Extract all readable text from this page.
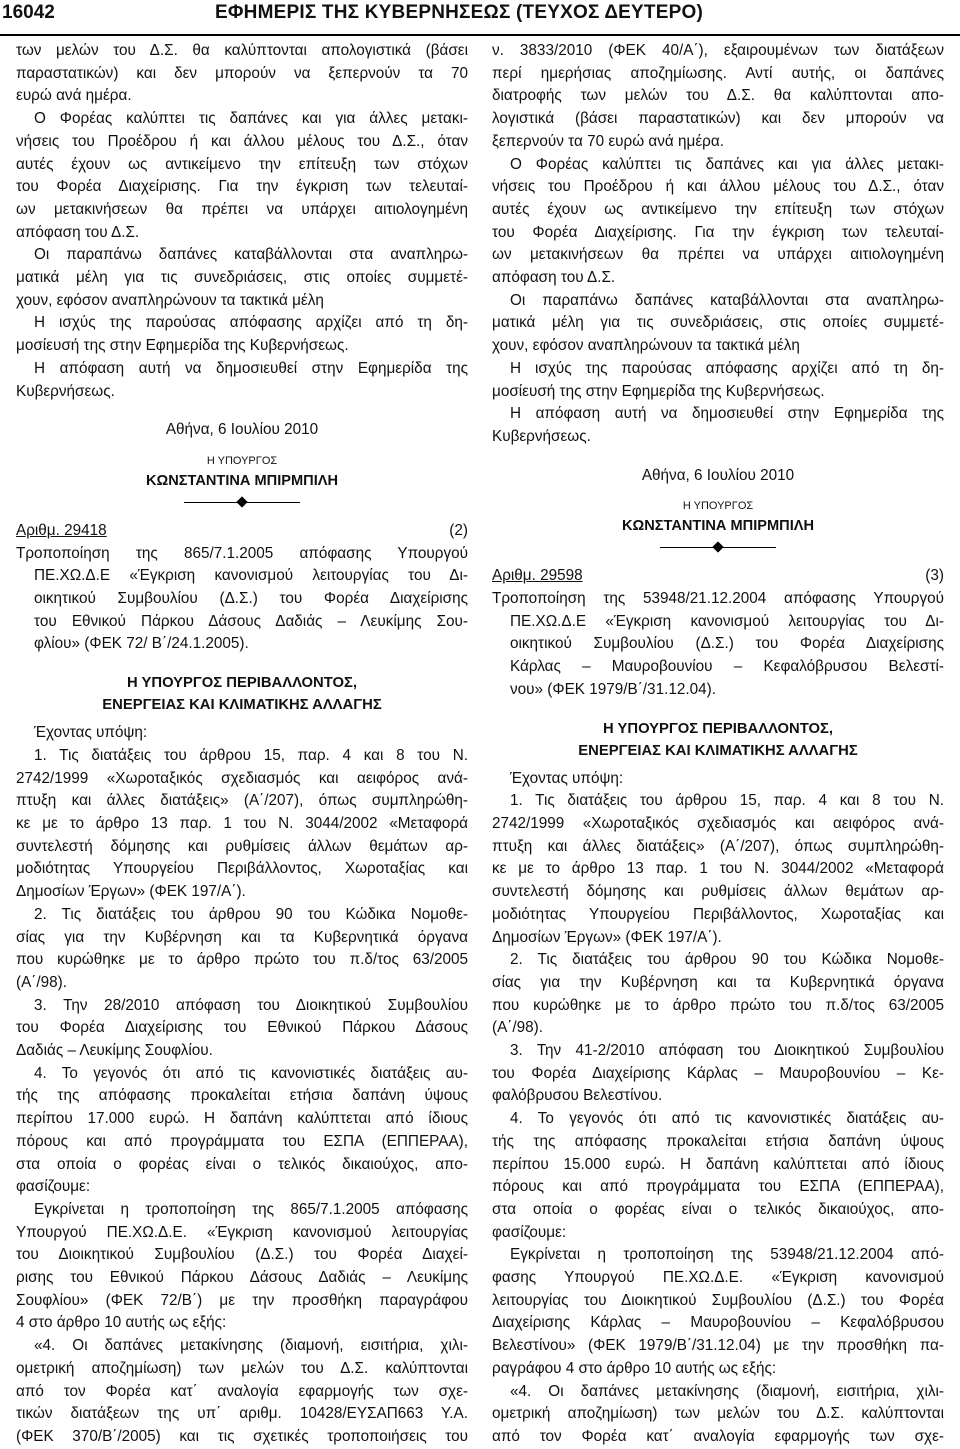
16042	ΕΦΗΜΕΡΙΣ ΤΗΣ ΚΥΒΕΡΝΗΣΕΩΣ (ΤΕΥΧΟΣ ΔΕΥΤΕΡΟ)

των μελών του Δ.Σ. θα καλύπτονται απολογιστικά (βάσει

παραστατικών) και δεν μπορούν να ξεπερνούν τα 70

ευρώ ανά ημέρα.

Ο Φορέας καλύπτει τις δαπάνες και για άλλες μετακι-

νήσεις του Προέδρου ή και άλλου μέλους του Δ.Σ., όταν

αυτές έχουν ως αντικείμενο την επίτευξη των στόχων

του Φορέα Διαχείρισης. Για την έγκριση των τελευταί-

ων μετακινήσεων θα πρέπει να υπάρχει αιτιολογημένη

απόφαση του Δ.Σ.

Οι παραπάνω δαπάνες καταβάλλονται στα αναπληρω-

ματικά μέλη για τις συνεδριάσεις, στις οποίες συμμετέ-

χουν, εφόσον αναπληρώνουν τα τακτικά μέλη

Η ισχύς της παρούσας απόφασης αρχίζει από τη δη-

μοσίευσή της στην Εφημερίδα της Κυβερνήσεως.

Η απόφαση αυτή να δημοσιευθεί στην Εφημερίδα της

Κυβερνήσεως.

Αθήνα, 6 Ιουλίου 2010

Η ΥΠΟΥΡΓΟΣ

ΚΩΝΣΤΑΝΤΙΝΑ ΜΠΙΡΜΠΙΛΗ

Αριθμ. 29418	(2)

Τροποποίηση της 865/7.1.2005 απόφασης Υπουργού

ΠΕ.ΧΩ.Δ.Ε «Έγκριση κανονισμού λειτουργίας του Δι-

οικητικού Συμβουλίου (Δ.Σ.) του Φορέα Διαχείρισης

του Εθνικού Πάρκου Δάσους Δαδιάς – Λευκίμης Σου-

φλίου» (ΦΕΚ 72/ Β΄/24.1.2005).

Η ΥΠΟΥΡΓΟΣ ΠΕΡΙΒΑΛΛΟΝΤΟΣ,

ΕΝΕΡΓΕΙΑΣ ΚΑΙ ΚΛΙΜΑΤΙΚΗΣ ΑΛΛΑΓΗΣ

Έχοντας υπόψη:

1. Τις διατάξεις του άρθρου 15, παρ. 4 και 8 του Ν.

2742/1999 «Χωροταξικός σχεδιασμός και αειφόρος ανά-

πτυξη και άλλες διατάξεις» (Α΄/207), όπως συμπληρώθη-

κε με το άρθρο 13 παρ. 1 του Ν. 3044/2002 «Μεταφορά

συντελεστή δόμησης και ρυθμίσεις άλλων θεμάτων αρ-

μοδιότητας Υπουργείου Περιβάλλοντος, Χωροταξίας και

Δημοσίων Έργων» (ΦΕΚ 197/Α΄).

2. Τις διατάξεις του άρθρου 90 του Κώδικα Νομοθε-

σίας για την Κυβέρνηση και τα Κυβερνητικά όργανα

που κυρώθηκε με το άρθρο πρώτο του π.δ/τος 63/2005

(Α΄/98).

3. Την 28/2010 απόφαση του Διοικητικού Συμβουλίου

του Φορέα Διαχείρισης του Εθνικού Πάρκου Δάσους

Δαδιάς – Λευκίμης Σουφλίου.

4. Το γεγονός ότι από τις κανονιστικές διατάξεις αυ-

τής της απόφασης προκαλείται ετήσια δαπάνη ύψους

περίπου 17.000 ευρώ. Η δαπάνη καλύπτεται από ίδιους

πόρους και από προγράμματα του ΕΣΠΑ (ΕΠΠΕΡΑΑ),

στα οποία ο φορέας είναι ο τελικός δικαιούχος, απο-

φασίζουμε:

Εγκρίνεται η τροποποίηση της 865/7.1.2005 απόφασης

Υπουργού ΠΕ.ΧΩ.Δ.Ε. «Έγκριση κανονισμού λειτουργίας

του Διοικητικού Συμβουλίου (Δ.Σ.) του Φορέα Διαχεί-

ρισης του Εθνικού Πάρκου Δάσους Δαδιάς – Λευκίμης

Σουφλίου» (ΦΕΚ 72/Β΄) με την προσθήκη παραγράφου

4 στο άρθρο 10 αυτής ως εξής:

«4. Οι δαπάνες μετακίνησης (διαμονή, εισιτήρια, χιλι-

ομετρική αποζημίωση) των μελών του Δ.Σ. καλύπτονται

από τον Φορέα κατ΄ αναλογία εφαρμογής των σχε-

τικών διατάξεων της υπ΄ αριθμ. 10428/ΕΥΣΑΠ663 Υ.Α.

(ΦΕΚ 370/Β΄/2005) και τις σχετικές τροποποιήσεις του

ν. 3833/2010 (ΦΕΚ 40/Α΄), εξαιρουμένων των διατάξεων

περί ημερήσιας αποζημίωσης. Αντί αυτής, οι δαπάνες

διατροφής των μελών του Δ.Σ. θα καλύπτονται απο-

λογιστικά (βάσει παραστατικών) και δεν μπορούν να

ξεπερνούν τα 70 ευρώ ανά ημέρα.

Ο Φορέας καλύπτει τις δαπάνες και για άλλες μετακι-

νήσεις του Προέδρου ή και άλλου μέλους του Δ.Σ., όταν

αυτές έχουν ως αντικείμενο την επίτευξη των στόχων

του Φορέα Διαχείρισης. Για την έγκριση των τελευταί-

ων μετακινήσεων θα πρέπει να υπάρχει αιτιολογημένη

απόφαση του Δ.Σ.

Οι παραπάνω δαπάνες καταβάλλονται στα αναπληρω-

ματικά μέλη για τις συνεδριάσεις, στις οποίες συμμετέ-

χουν, εφόσον αναπληρώνουν τα τακτικά μέλη

Η ισχύς της παρούσας απόφασης αρχίζει από τη δη-

μοσίευσή της στην Εφημερίδα της Κυβερνήσεως.

Η απόφαση αυτή να δημοσιευθεί στην Εφημερίδα της

Κυβερνήσεως.

Αθήνα, 6 Ιουλίου 2010

Η ΥΠΟΥΡΓΟΣ

ΚΩΝΣΤΑΝΤΙΝΑ ΜΠΙΡΜΠΙΛΗ

Αριθμ. 29598	(3)

Τροποποίηση της 53948/21.12.2004 απόφασης Υπουργού

ΠΕ.ΧΩ.Δ.Ε «Έγκριση κανονισμού λειτουργίας του Δι-

οικητικού Συμβουλίου (Δ.Σ.) του Φορέα Διαχείρισης

Κάρλας – Μαυροβουνίου – Κεφαλόβρυσου Βελεστί-

νου» (ΦΕΚ 1979/Β΄/31.12.04).

Η ΥΠΟΥΡΓΟΣ ΠΕΡΙΒΑΛΛΟΝΤΟΣ,

ΕΝΕΡΓΕΙΑΣ ΚΑΙ ΚΛΙΜΑΤΙΚΗΣ ΑΛΛΑΓΗΣ

Έχοντας υπόψη:

1. Τις διατάξεις του άρθρου 15, παρ. 4 και 8 του Ν.

2742/1999 «Χωροταξικός σχεδιασμός και αειφόρος ανά-

πτυξη και άλλες διατάξεις» (Α΄/207), όπως συμπληρώθη-

κε με το άρθρο 13 παρ. 1 του Ν. 3044/2002 «Μεταφορά

συντελεστή δόμησης και ρυθμίσεις άλλων θεμάτων αρ-

μοδιότητας Υπουργείου Περιβάλλοντος, Χωροταξίας και

Δημοσίων Έργων» (ΦΕΚ 197/Α΄).

2. Τις διατάξεις του άρθρου 90 του Κώδικα Νομοθε-

σίας για την Κυβέρνηση και τα Κυβερνητικά όργανα

που κυρώθηκε με το άρθρο πρώτο του π.δ/τος 63/2005

(Α΄/98).

3. Την 41-2/2010 απόφαση του Διοικητικού Συμβουλίου

του Φορέα Διαχείρισης Κάρλας – Μαυροβουνίου – Κε-

φαλόβρυσου Βελεστίνου.

4. Το γεγονός ότι από τις κανονιστικές διατάξεις αυ-

τής της απόφασης προκαλείται ετήσια δαπάνη ύψους

περίπου 15.000 ευρώ. Η δαπάνη καλύπτεται από ίδιους

πόρους και από προγράμματα του ΕΣΠΑ (ΕΠΠΕΡΑΑ),

στα οποία ο φορέας είναι ο τελικός δικαιούχος, απο-

φασίζουμε:

Εγκρίνεται η τροποποίηση της 53948/21.12.2004 από-

φασης Υπουργού ΠΕ.ΧΩ.Δ.Ε. «Έγκριση κανονισμού

λειτουργίας του Διοικητικού Συμβουλίου (Δ.Σ.) του Φορέα

Διαχείρισης Κάρλας – Μαυροβουνίου – Κεφαλόβρυσου

Βελεστίνου» (ΦΕΚ 1979/Β΄/31.12.04) με την προσθήκη πα-

ραγράφου 4 στο άρθρο 10 αυτής ως εξής:

«4. Οι δαπάνες μετακίνησης (διαμονή, εισιτήρια, χιλι-

ομετρική αποζημίωση) των μελών του Δ.Σ. καλύπτονται

από τον Φορέα κατ΄ αναλογία εφαρμογής των σχε-
